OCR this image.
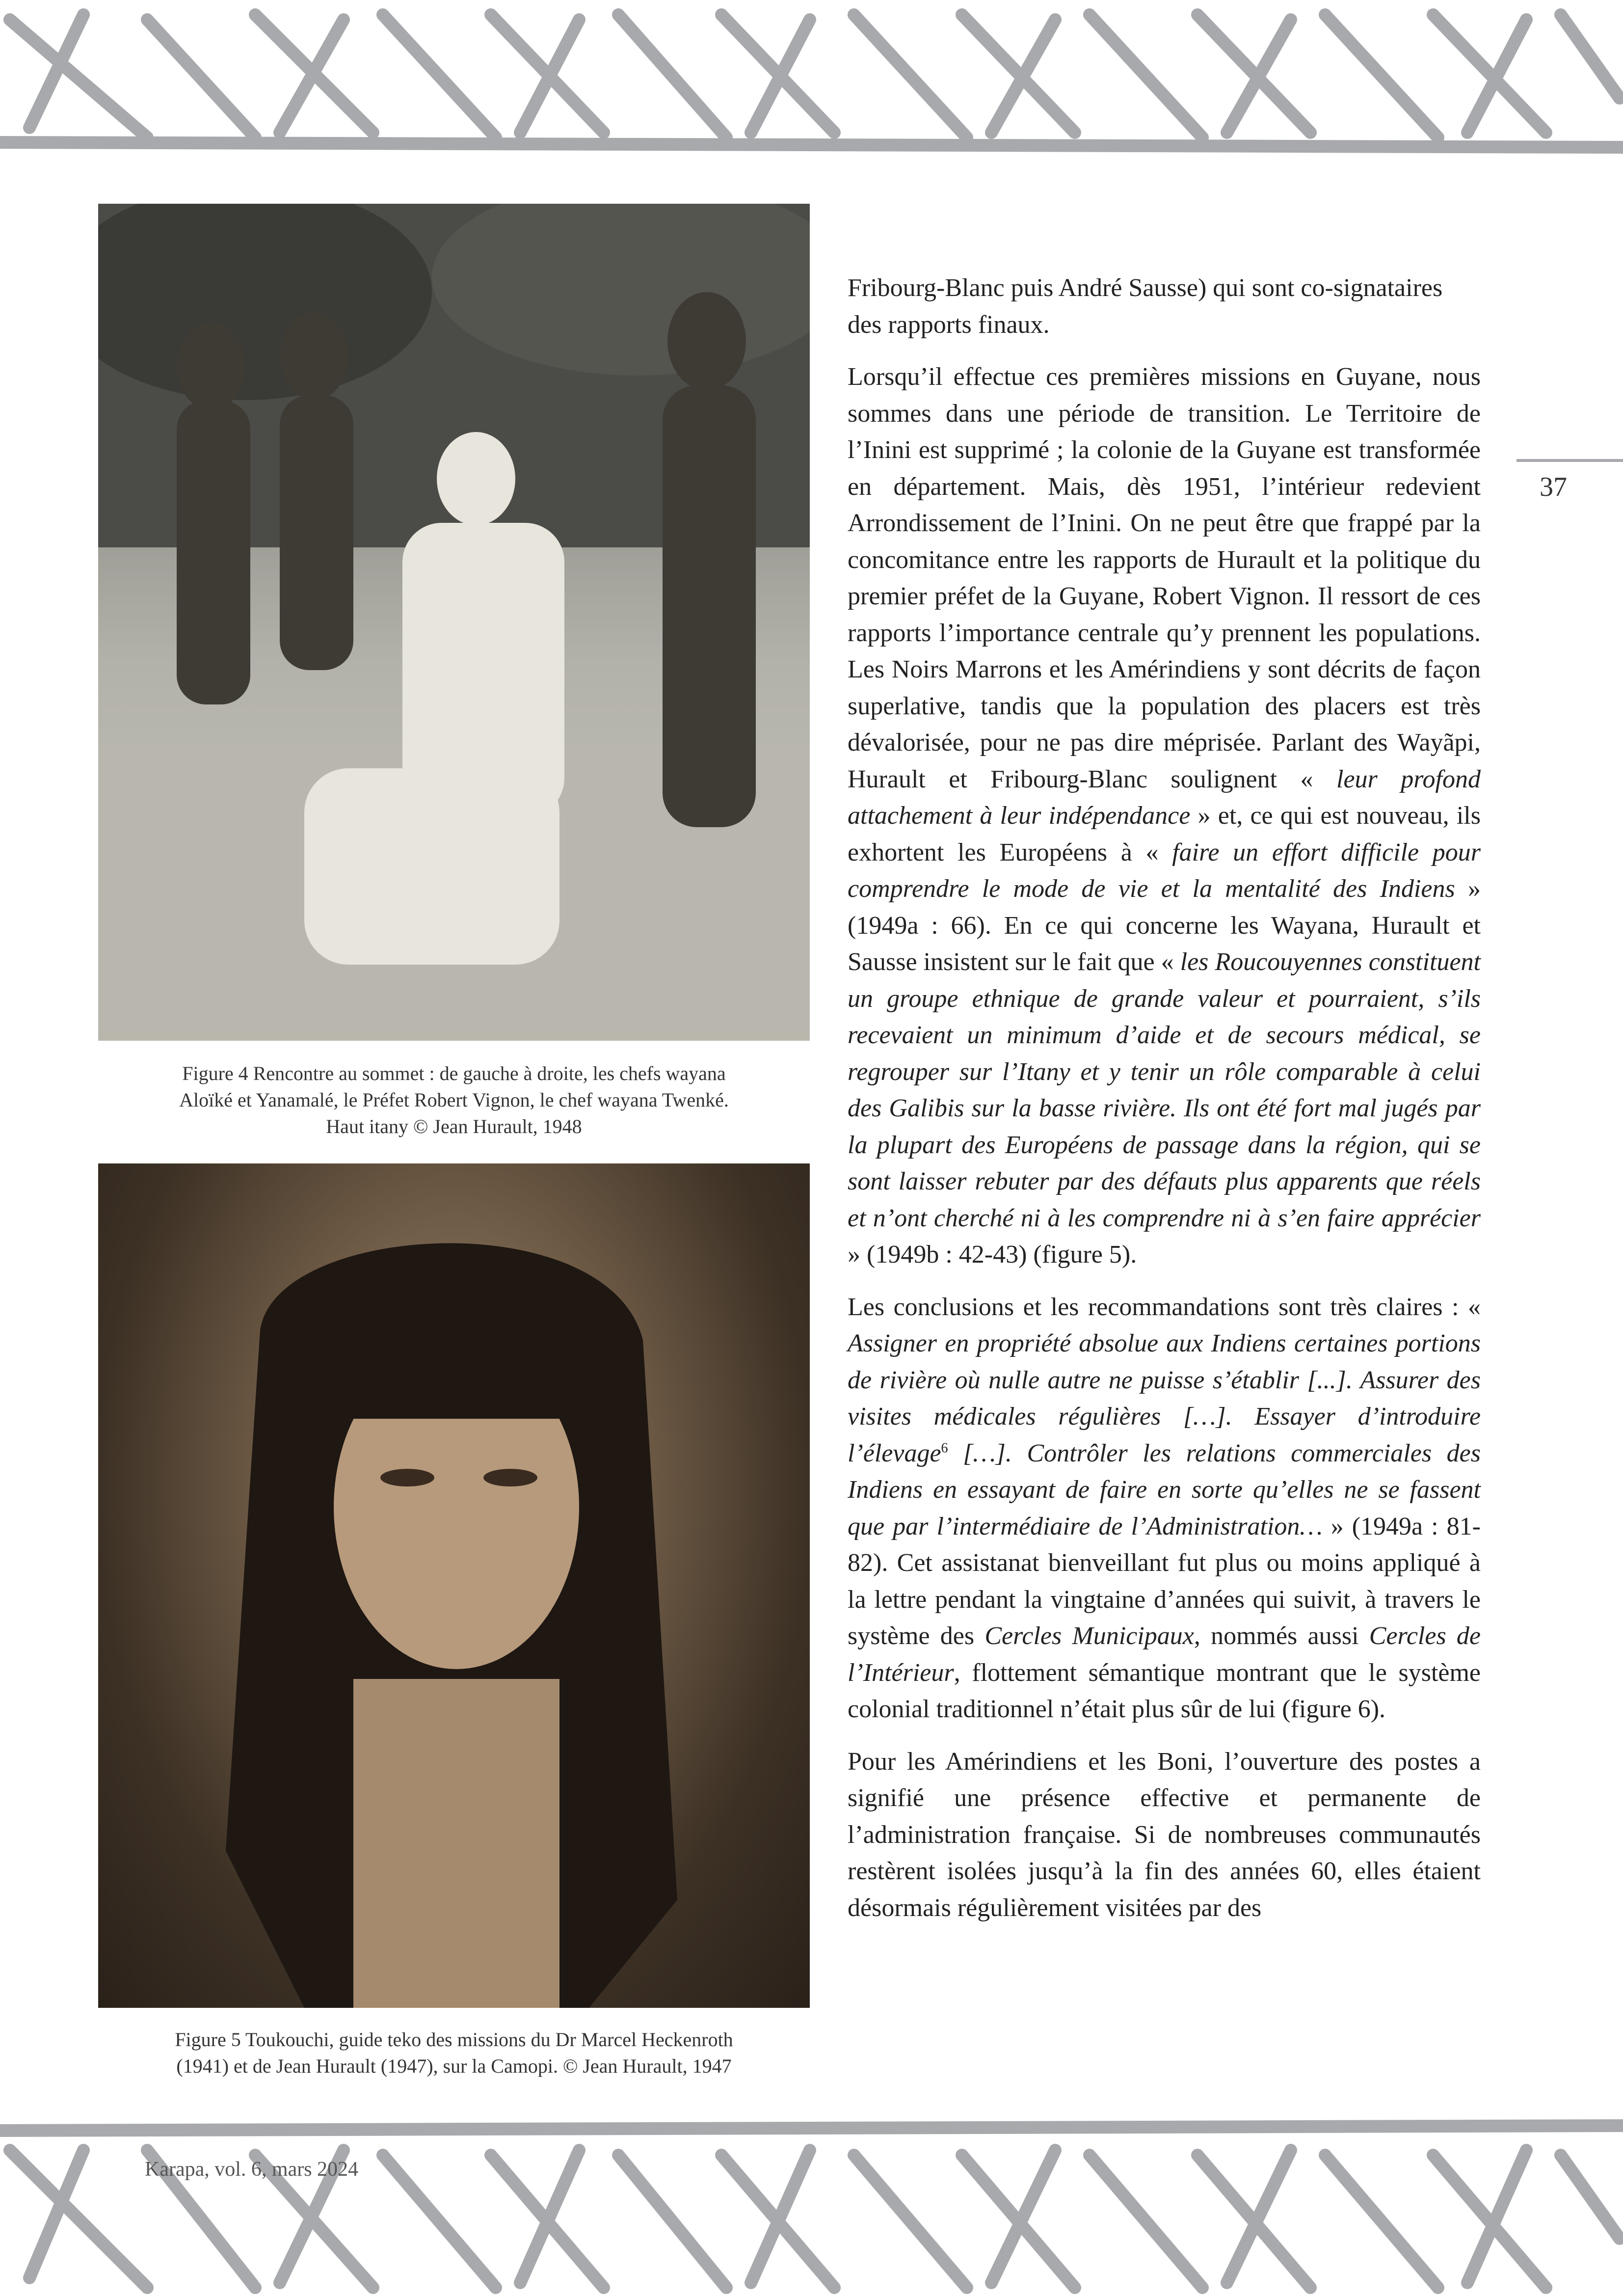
Figure 4 Rencontre au sommet : de gauche à droite, les chefs wayana
Aloïké et Yanamalé, le Préfet Robert Vignon, le chef wayana Twenké.
Haut itany © Jean Hurault, 1948
Figure 5 Toukouchi, guide teko des missions du Dr Marcel Heckenroth
(1941) et de Jean Hurault (1947), sur la Camopi. © Jean Hurault, 1947

Fribourg-Blanc puis André Sausse) qui sont co-signataires des rapports finaux.

Lorsqu’il effectue ces premières missions en Guyane, nous sommes dans une période de transition. Le Territoire de l’Inini est supprimé ; la colonie de la Guyane est transformée en département. Mais, dès 1951, l’intérieur redevient Arrondissement de l’Inini. On ne peut être que frappé par la concomitance entre les rapports de Hurault et la politique du premier préfet de la Guyane, Robert Vignon. Il ressort de ces rapports l’importance centrale qu’y prennent les populations. Les Noirs Marrons et les Amérindiens y sont décrits de façon superlative, tandis que la population des placers est très dévalorisée, pour ne pas dire méprisée. Parlant des Wayãpi, Hurault et Fribourg-Blanc soulignent « leur profond attachement à leur indépendance » et, ce qui est nouveau, ils exhortent les Européens à « faire un effort difficile pour comprendre le mode de vie et la mentalité des Indiens » (1949a : 66). En ce qui concerne les Wayana, Hurault et Sausse insistent sur le fait que « les Roucouyennes constituent un groupe ethnique de grande valeur et pourraient, s’ils recevaient un minimum d’aide et de secours médical, se regrouper sur l’Itany et y tenir un rôle comparable à celui des Galibis sur la basse rivière. Ils ont été fort mal jugés par la plupart des Européens de passage dans la région, qui se sont laisser rebuter par des défauts plus apparents que réels et n’ont cherché ni à les comprendre ni à s’en faire apprécier » (1949b : 42-43) (figure 5).

Les conclusions et les recommandations sont très claires : « Assigner en propriété absolue aux Indiens certaines portions de rivière où nulle autre ne puisse s’établir [...]. Assurer des visites médicales régulières […]. Essayer d’introduire l’élevage$^6$ […]. Contrôler les relations commerciales des Indiens en essayant de faire en sorte qu’elles ne se fassent que par l’intermédiaire de l’Administration… » (1949a : 81-82). Cet assistanat bienveillant fut plus ou moins appliqué à la lettre pendant la vingtaine d’années qui suivit, à travers le système des Cercles Municipaux, nommés aussi Cercles de l’Intérieur, flottement sémantique montrant que le système colonial traditionnel n’était plus sûr de lui (figure 6).

Pour les Amérindiens et les Boni, l’ouverture des postes a signifié une présence effective et permanente de l’administration française. Si de nombreuses communautés restèrent isolées jusqu’à la fin des années 60, elles étaient désormais régulièrement visitées par des

37
Karapa, vol. 6, mars 2024
